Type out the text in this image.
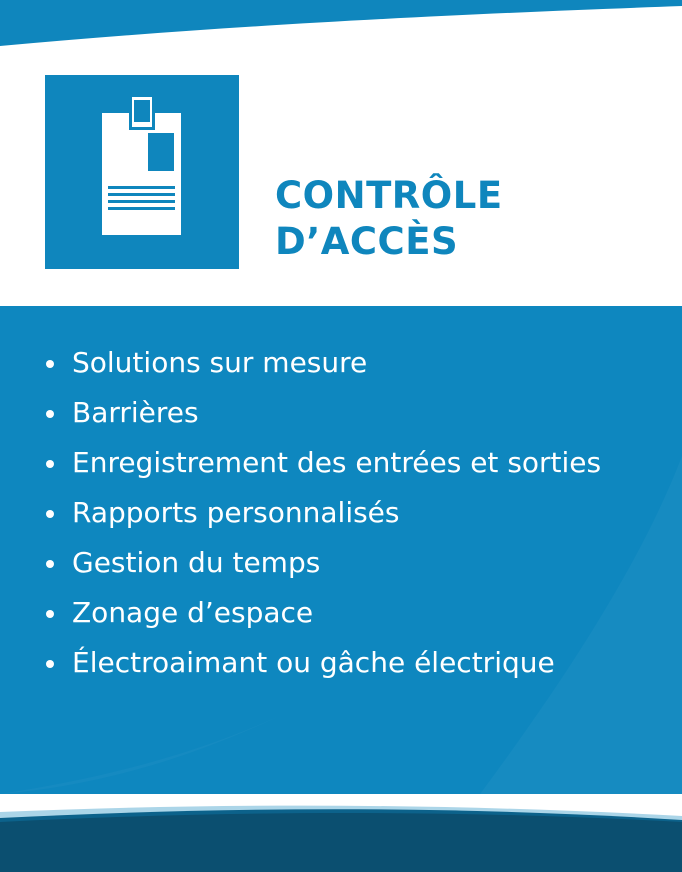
CONTRÔLE
D’ACCÈS
Solutions sur mesure
Barrières
Enregistrement des entrées et sorties
Rapports personnalisés
Gestion du temps
Zonage d’espace
Électroaimant ou gâche électrique
